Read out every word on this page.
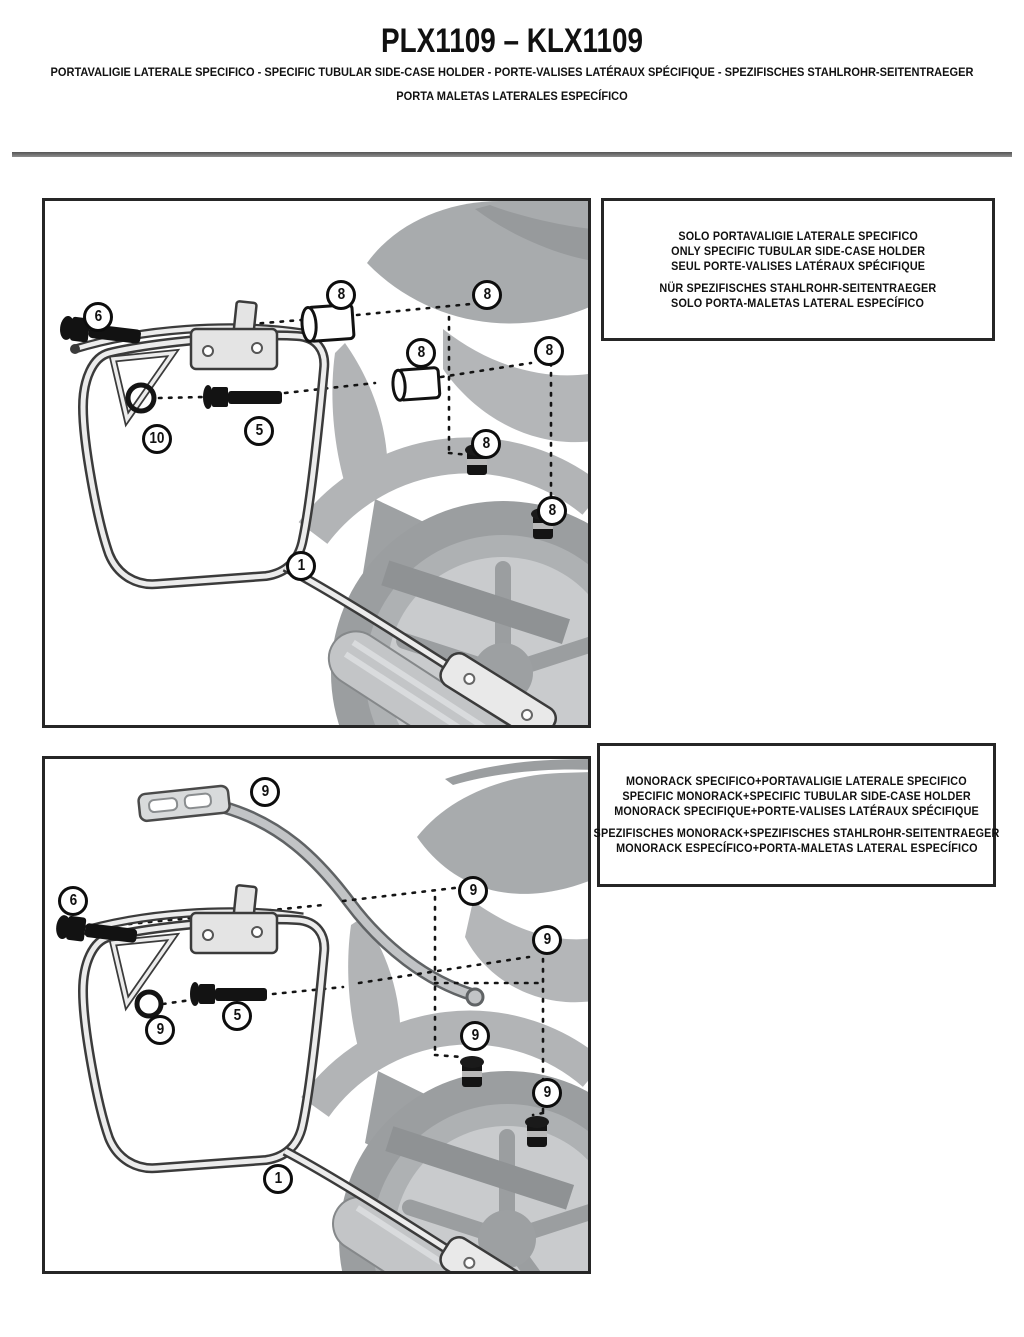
PLX1109 – KLX1109
PORTAVALIGIE LATERALE SPECIFICO - SPECIFIC TUBULAR SIDE-CASE HOLDER - PORTE-VALISES LATÉRAUX SPÉCIFIQUE - SPEZIFISCHES STAHLROHR-SEITENTRAEGER
PORTA MALETAS LATERALES ESPECÍFICO
6
8	8
8	8
10	5
8
8
1
SOLO PORTAVALIGIE LATERALE SPECIFICO
ONLY SPECIFIC TUBULAR SIDE-CASE HOLDER
SEUL PORTE-VALISES LATÉRAUX SPÉCIFIQUE
NÜR SPEZIFISCHES STAHLROHR-SEITENTRAEGER
SOLO PORTA-MALETAS LATERAL ESPECÍFICO
9
6
9
9
9
5
9
9
1
MONORACK SPECIFICO+PORTAVALIGIE LATERALE SPECIFICO
SPECIFIC MONORACK+SPECIFIC TUBULAR SIDE-CASE HOLDER
MONORACK SPECIFIQUE+PORTE-VALISES LATÉRAUX SPÉCIFIQUE
SPEZIFISCHES MONORACK+SPEZIFISCHES STAHLROHR-SEITENTRAEGER
MONORACK ESPECÍFICO+PORTA-MALETAS LATERAL ESPECÍFICO
